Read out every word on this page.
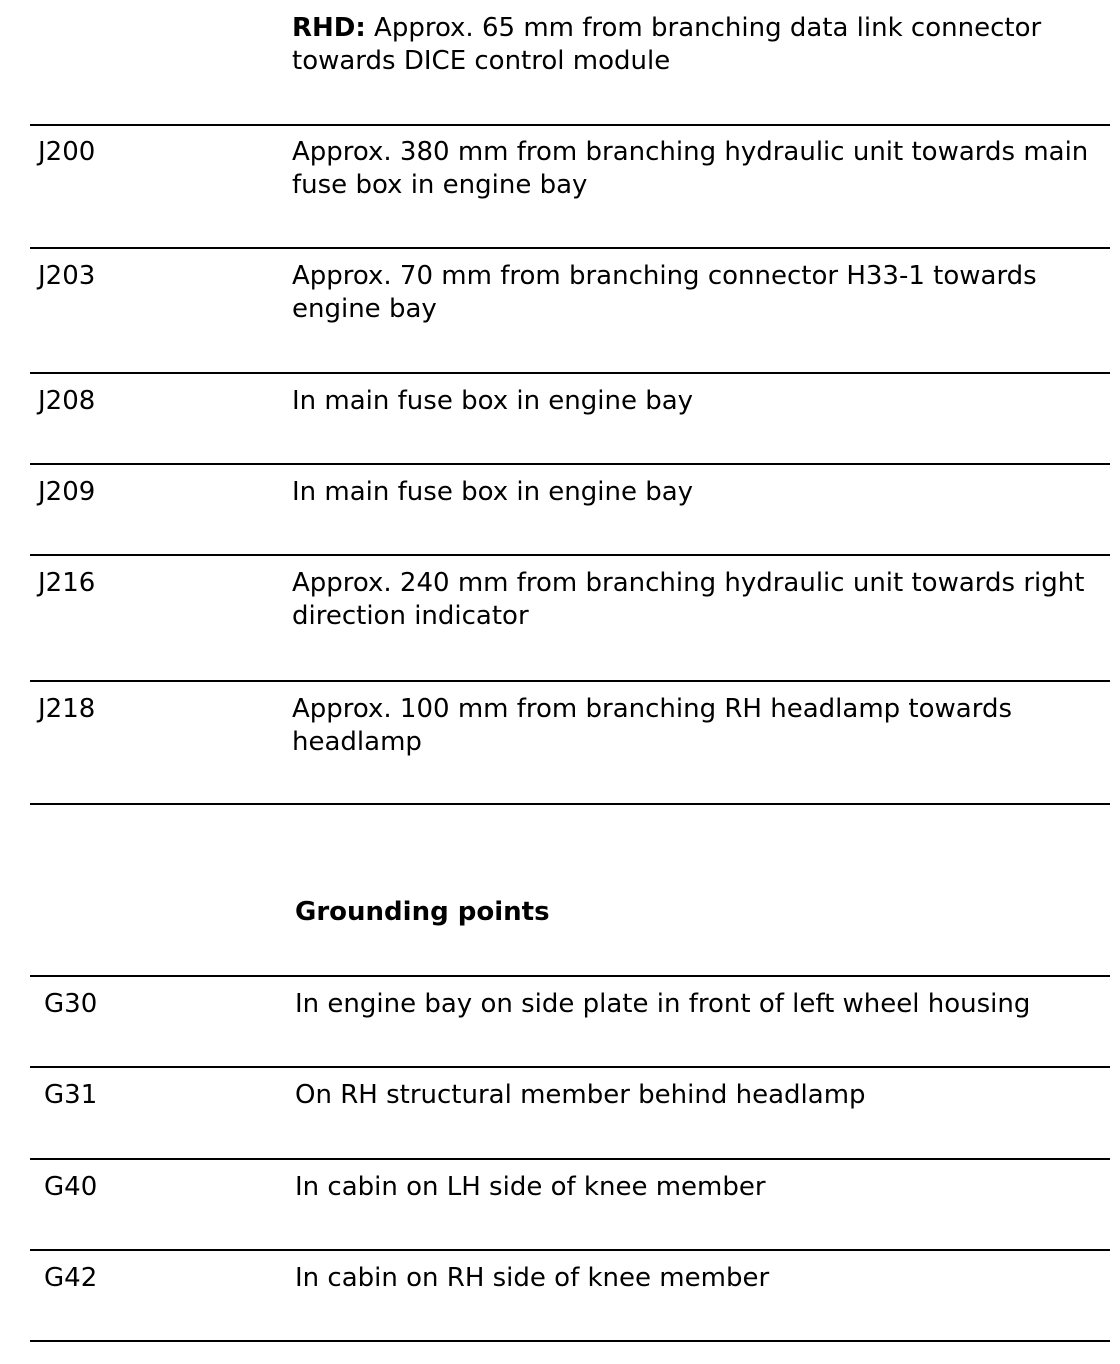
RHD: Approx. 65 mm from branching data link connector towards DICE control module
J200	Approx. 380 mm from branching hydraulic unit towards main fuse box in engine bay
J203	Approx. 70 mm from branching connector H33-1 towards engine bay
J208	In main fuse box in engine bay
J209	In main fuse box in engine bay
J216	Approx. 240 mm from branching hydraulic unit towards right direction indicator
J218	Approx. 100 mm from branching RH headlamp towards headlamp
Grounding points
G30	In engine bay on side plate in front of left wheel housing
G31	On RH structural member behind headlamp
G40	In cabin on LH side of knee member
G42	In cabin on RH side of knee member
